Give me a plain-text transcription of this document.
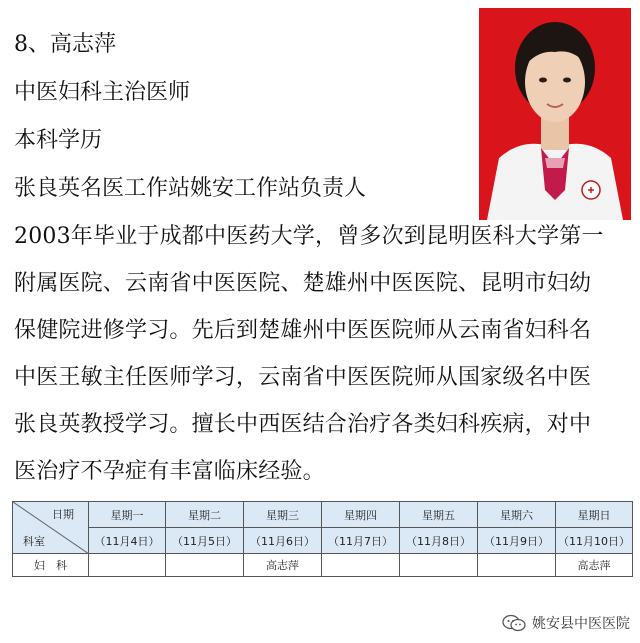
8、高志萍
中医妇科主治医师
本科学历
张良英名医工作站姚安工作站负责人
2003年毕业于成都中医药大学，曾多次到昆明医科大学第一
附属医院、云南省中医医院、楚雄州中医医院、昆明市妇幼
保健院进修学习。先后到楚雄州中医医院师从云南省妇科名
中医王敏主任医师学习，云南省中医医院师从国家级名中医
张良英教授学习。擅长中西医结合治疗各类妇科疾病，对中
医治疗不孕症有丰富临床经验。
日期
科室	星期一	星期二	星期三	星期四	星期五	星期六	星期日
	（11月4日）	（11月5日）	（11月6日）	（11月7日）	（11月8日）	（11月9日）	（11月10日）
妇　科			高志萍				高志萍
姚安县中医医院
